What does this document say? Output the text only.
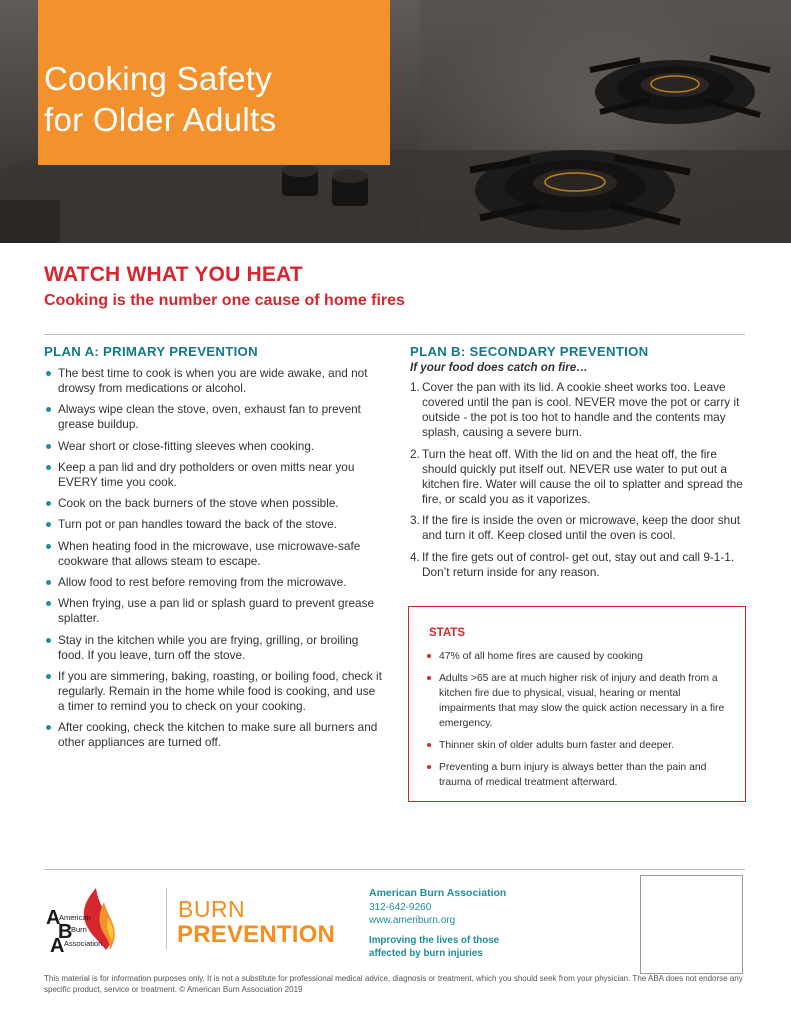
Cooking Safety
for Older Adults
WATCH WHAT YOU HEAT
Cooking is the number one cause of home fires
PLAN A: PRIMARY PREVENTION
The best time to cook is when you are wide awake, and not drowsy from medications or alcohol.
Always wipe clean the stove, oven, exhaust fan to prevent grease buildup.
Wear short or close-fitting sleeves when cooking.
Keep a pan lid and dry potholders or oven mitts near you EVERY time you cook.
Cook on the back burners of the stove when possible.
Turn pot or pan handles toward the back of the stove.
When heating food in the microwave, use microwave-safe cookware that allows steam to escape.
Allow food to rest before removing from the microwave.
When frying, use a pan lid or splash guard to prevent grease splatter.
Stay in the kitchen while you are frying, grilling, or broiling food. If you leave, turn off the stove.
If you are simmering, baking, roasting, or boiling food, check it regularly. Remain in the home while food is cooking, and use a timer to remind you to check on your cooking.
After cooking, check the kitchen to make sure all burners and other appliances are turned off.
PLAN B: SECONDARY PREVENTION
If your food does catch on fire…
1. Cover the pan with its lid. A cookie sheet works too. Leave covered until the pan is cool. NEVER move the pot or carry it outside - the pot is too hot to handle and the contents may splash, causing a severe burn.
2. Turn the heat off. With the lid on and the heat off, the fire should quickly put itself out. NEVER use water to put out a kitchen fire. Water will cause the oil to splatter and spread the fire, or scald you as it vaporizes.
3. If the fire is inside the oven or microwave, keep the door shut and turn it off. Keep closed until the oven is cool.
4. If the fire gets out of control- get out, stay out and call 9-1-1. Don’t return inside for any reason.
STATS
47% of all home fires are caused by cooking
Adults >65 are at much higher risk of injury and death from a kitchen fire due to physical, visual, hearing or mental impairments that may slow the quick action necessary in a fire emergency.
Thinner skin of older adults burn faster and deeper.
Preventing a burn injury is always better than the pain and trauma of medical treatment afterward.
A
B
A
American
Burn
Association
BURN
PREVENTION
American Burn Association
312-642-9260
www.ameriburn.org
Improving the lives of those
affected by burn injuries
This material is for information purposes only. It is not a substitute for professional medical advice, diagnosis or treatment, which you should seek from your physician. The ABA does not endorse any specific product, service or treatment. © American Burn Association 2019
